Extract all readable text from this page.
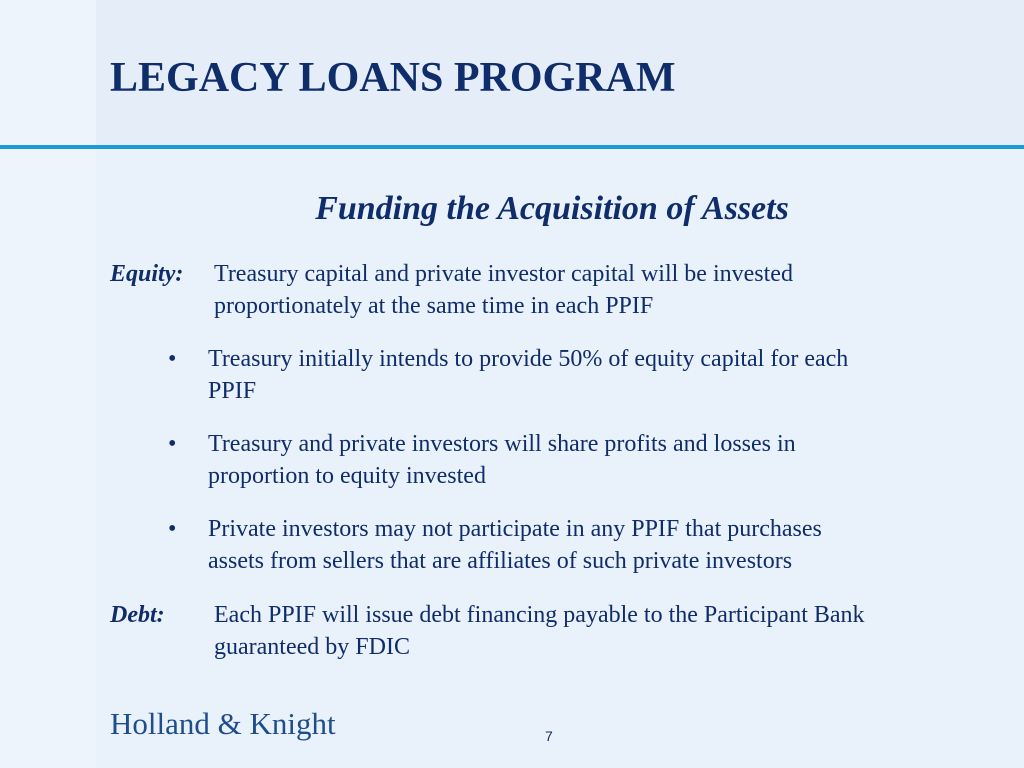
LEGACY LOANS PROGRAM
Funding the Acquisition of Assets
Equity: Treasury capital and private investor capital will be invested
proportionately at the same time in each PPIF
• Treasury initially intends to provide 50% of equity capital for each
PPIF
• Treasury and private investors will share profits and losses in
proportion to equity invested
• Private investors may not participate in any PPIF that purchases
assets from sellers that are affiliates of such private investors
Debt: Each PPIF will issue debt financing payable to the Participant Bank
guaranteed by FDIC
Holland & Knight	7
